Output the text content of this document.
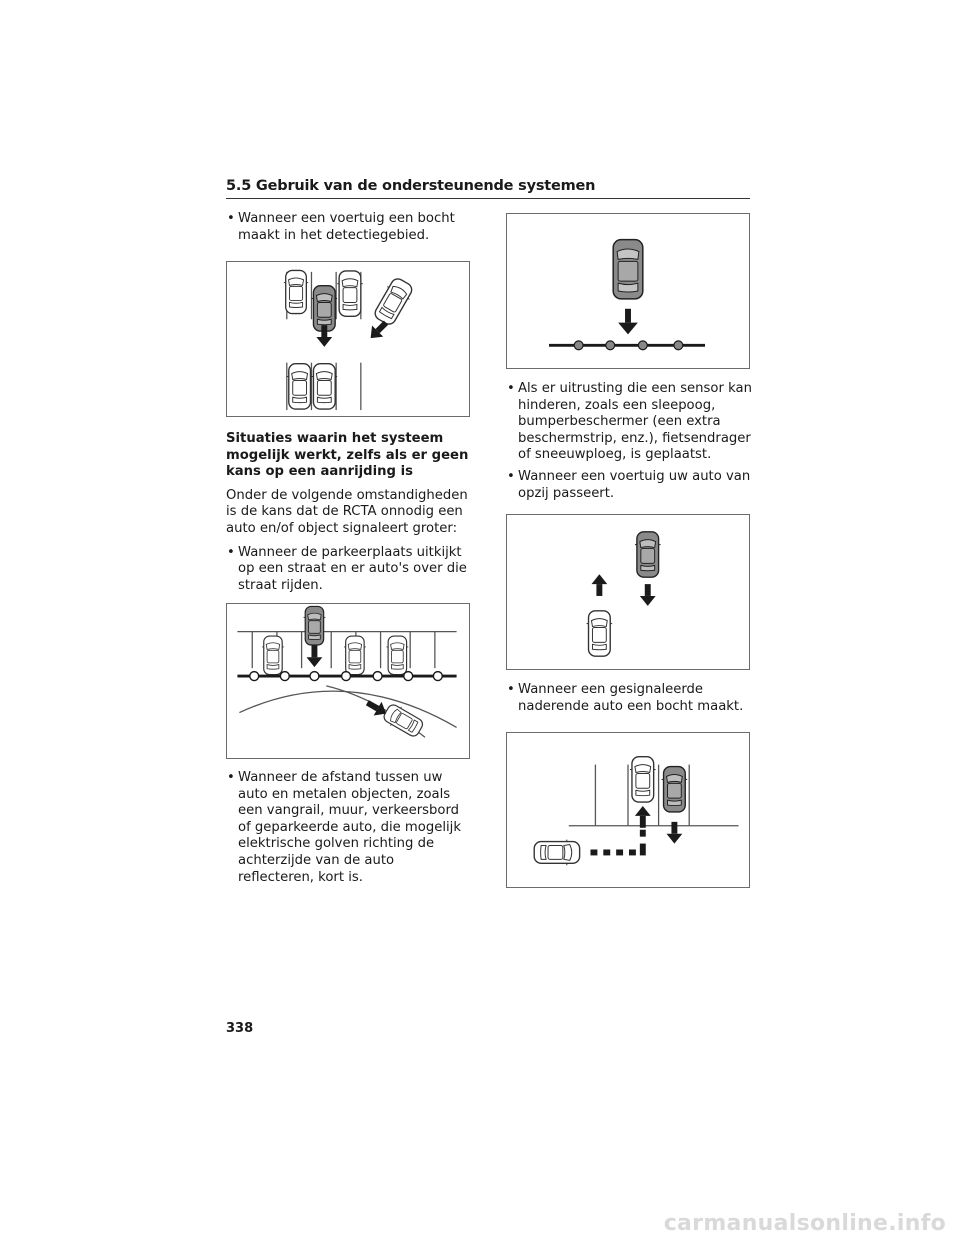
5.5 Gebruik van de ondersteunende systemen
• Wanneer een voertuig een bocht maakt in het detectiegebied.
Situaties waarin het systeem mogelijk werkt, zelfs als er geen kans op een aanrijding is
Onder de volgende omstandigheden is de kans dat de RCTA onnodig een auto en/of object signaleert groter:
• Wanneer de parkeerplaats uitkijkt op een straat en er auto's over die straat rijden.
• Wanneer de afstand tussen uw auto en metalen objecten, zoals een vangrail, muur, verkeersbord of geparkeerde auto, die mogelijk elektrische golven richting de achterzijde van de auto reflecteren, kort is.
• Als er uitrusting die een sensor kan hinderen, zoals een sleepoog, bumperbeschermer (een extra beschermstrip, enz.), fietsendrager of sneeuwploeg, is geplaatst.
• Wanneer een voertuig uw auto van opzij passeert.
• Wanneer een gesignaleerde naderende auto een bocht maakt.
338
carmanualsonline.info
